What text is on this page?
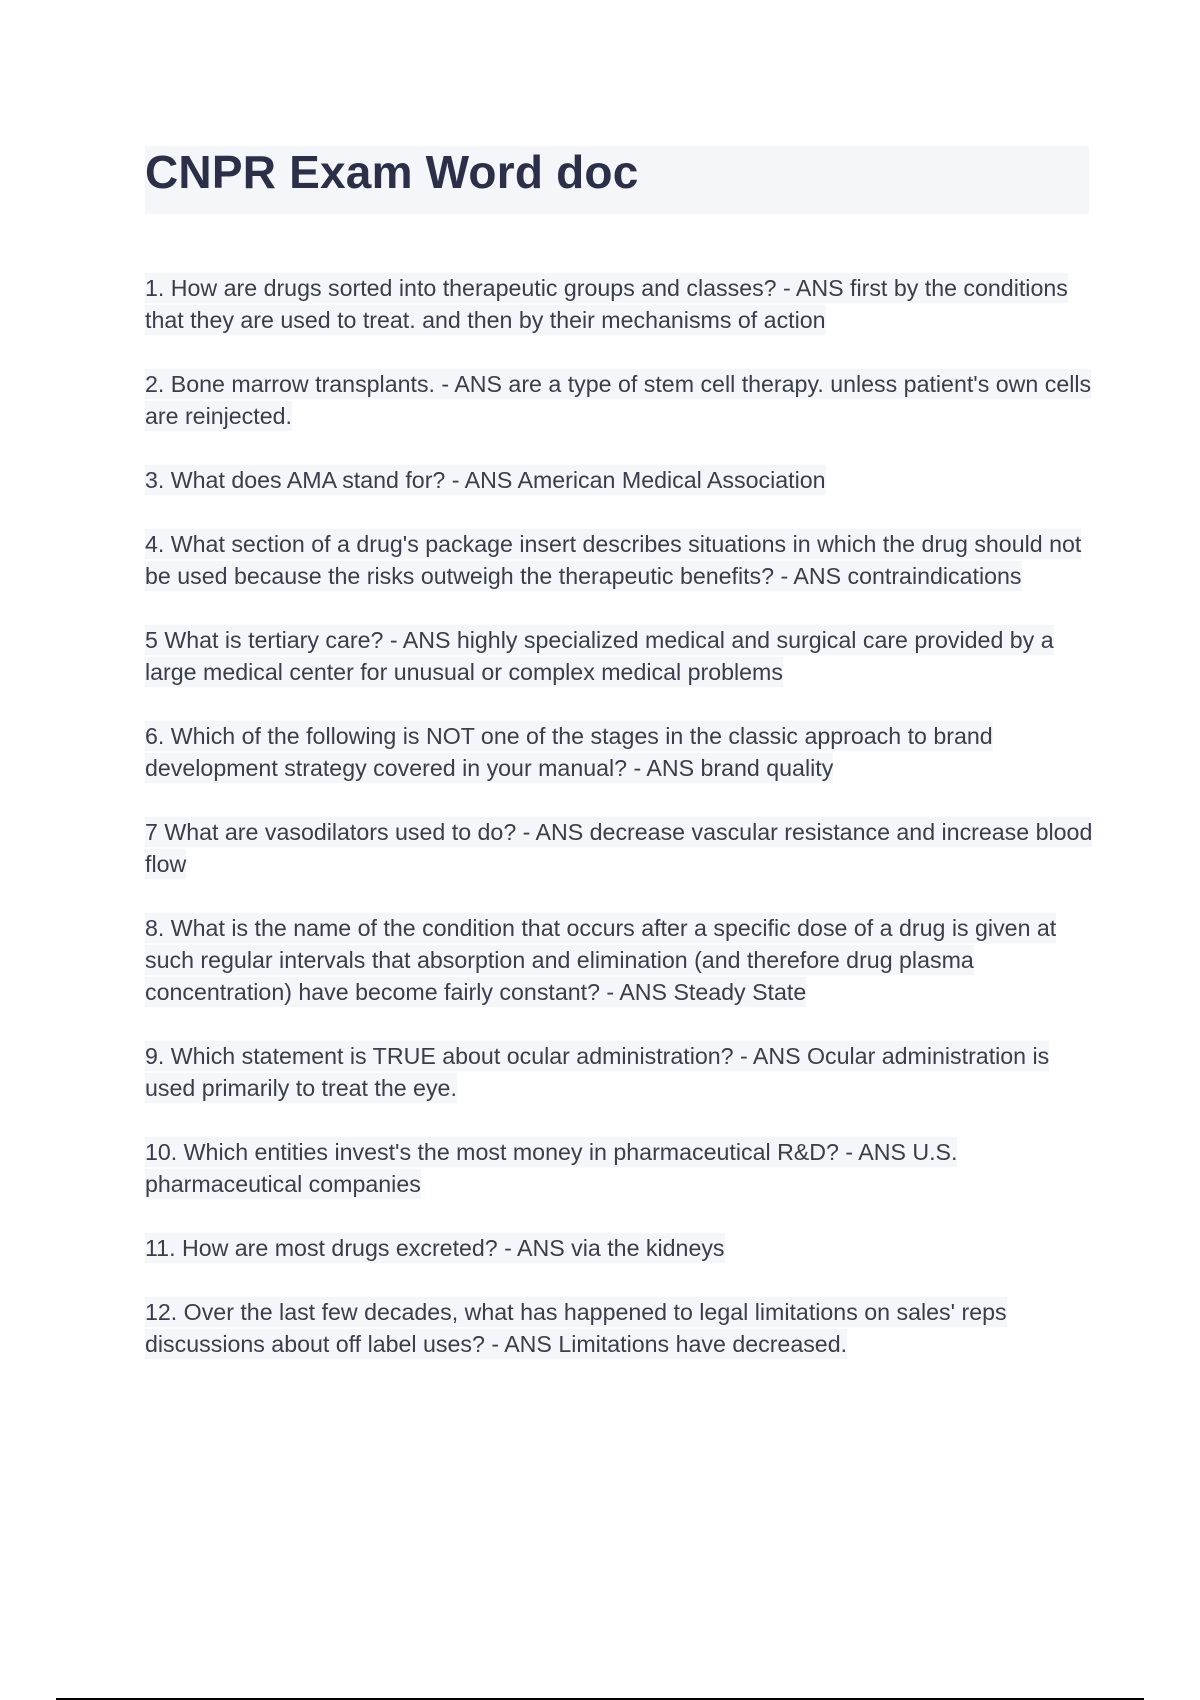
CNPR Exam Word doc

1. How are drugs sorted into therapeutic groups and classes? - ANS first by the conditions that they are used to treat. and then by their mechanisms of action

2. Bone marrow transplants. - ANS are a type of stem cell therapy. unless patient's own cells are reinjected.

3. What does AMA stand for? - ANS American Medical Association

4. What section of a drug's package insert describes situations in which the drug should not be used because the risks outweigh the therapeutic benefits? - ANS contraindications

5 What is tertiary care? - ANS highly specialized medical and surgical care provided by a large medical center for unusual or complex medical problems

6. Which of the following is NOT one of the stages in the classic approach to brand development strategy covered in your manual? - ANS brand quality

7 What are vasodilators used to do? - ANS decrease vascular resistance and increase blood flow

8. What is the name of the condition that occurs after a specific dose of a drug is given at such regular intervals that absorption and elimination (and therefore drug plasma concentration) have become fairly constant? - ANS Steady State

9. Which statement is TRUE about ocular administration? - ANS Ocular administration is used primarily to treat the eye.

10. Which entities invest's the most money in pharmaceutical R&D? - ANS U.S. pharmaceutical companies

11. How are most drugs excreted? - ANS via the kidneys

12. Over the last few decades, what has happened to legal limitations on sales' reps discussions about off label uses? - ANS Limitations have decreased.
